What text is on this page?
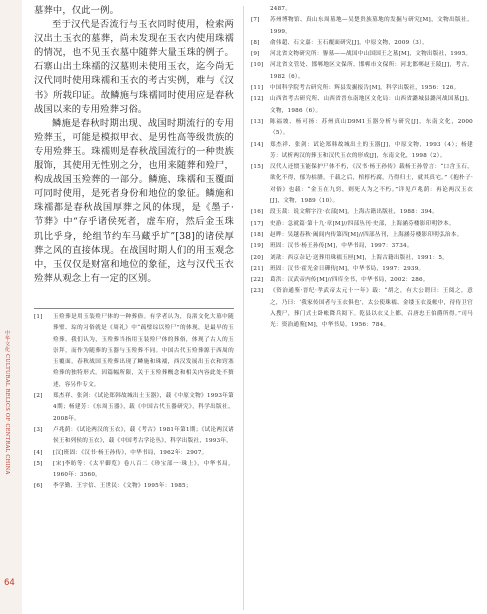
中华文化 CULTURAL RELICS OF CENTRAL CHINA
64

墓葬中，仅此一例。

至于汉代是否流行与玉衣同时使用，检索两汉出土玉衣的墓葬，尚未发现在玉衣内使用珠襦的情况，也不见玉衣墓中随葬大量玉珠的例子。石寨山出土珠襦的汉墓则未使用玉衣，迄今尚无汉代同时使用珠襦和玉衣的考古实例，难与《汉书》所载印证。故鳞施与珠襦同时使用应是春秋战国以来的专用殓葬习俗。

鳞施是春秋时期出现、战国时期流行的专用殓葬玉，可能是模拟甲衣、是男性高等级贵族的专用殓葬玉。珠襦则是春秋战国流行的一种贵族服饰，其使用无性别之分，也用来随葬和殓尸，构成战国玉殓葬的一部分。鳞施、珠襦和玉覆面可同时使用，是死者身份和地位的象征。鳞施和珠襦都是春秋战国厚葬之风的体现，是《墨子·节葬》中“存乎诸侯死者，虚车府，然后金玉珠玑比乎身，纶组节约车马藏乎圹”[38]的诸侯厚葬之风的直接体现。在战国时期人们的用玉观念中，玉仅仅是财富和地位的象征，这与汉代玉衣殓葬从观念上有一定的区别。

[1] 玉殓葬是用玉装殓尸体的一种葬俗。有学者认为，良渚文化大墓中随葬璧、琮的习俗就是《周礼》中“疏璧琮以殓尸”的体现，是最早的玉殓葬。我们认为，玉殓葬当指用玉装殓尸体的葬俗，体现了古人的玉崇拜，而作为随葬的玉器与玉殓葬不同。中国古代玉殓葬源于西周的玉覆面，春秋战国玉殓葬出现了鳞施和珠襦，西汉发展出玉衣和窍塞殓葬的独特形式。因篇幅所限，关于玉殓葬概念和相关内容此处不赘述，容另作专文。
[2] 郑杰祥、张剑：《试论郑韩故城出土玉器》，载《中原文物》1993年第4期；杨建芳：《东周玉器》，载《中国古代玉器研究》，科学出版社，2008年。
[3] 卢兆荫：《试论两汉的玉衣》，载《考古》1981年第1期；《试论两汉诸侯王和列侯的玉衣》，载《中国考古学论丛》，科学出版社，1993年。
[4] [汉]班固：《汉书·杨王孙传》，中华书局，1962年：2907。
[5] [宋]李昉等：《太平御览》卷八百二《珍宝部一·珠上》，中华书局，1960年：3560。
[6] 李学勤、王宇信、王世民：《文物》1995年：1985；
2487。
[7] 苏州博物馆、真山东周墓地—吴楚贵族墓地的发掘与研究[M]，文物出版社，1999。
[8] 俞伟超、石文嘉：玉石覆面研究[J]，中原文物，2009（3）。
[9] 河北省文物研究所：譽墓——战国中山国国王之墓[M]，文物出版社，1995。
[10] 河北省文管处、邯郸地区文保所、邯郸市文保所：河北邯郸赵王陵[J]，考古，1982（6）。
[11] 中国科学院考古研究所：辉县发掘报告[M]，科学出版社，1956：126。
[12] 山西省考古研究所、山西省晋东南地区文化局：山西省潞城县潞河战国墓[J]，文物，1986（6）。
[13] 陈福坡、杨可扬：苏州真山D9M1玉器分析与研究[J]，东南文化，2000（5）。
[14] 郑杰祥、张剑：试论郑韩故城出土的玉器[J]，中原文物，1993（4）；杨建芳：试析两汉的葬玉和汉代玉衣的形成[J]，东南文化，1998（2）。
[15] 汉代人还惯玉能保护尸体不朽，《汉书·杨王孙传》载杨王孙曾言：“口含玉石，欲化不得，郁为枯腊，千载之后，棺椁朽腐，乃得归土，就其真宅。”《抱朴子·对俗》也载：“金玉在九窍，则死人为之不朽。”详见卢兆荫：再论两汉玉衣[J]，文物，1989（10）。
[16] 段玉裁：说文解字注·衣部[M]，上海古籍出版社，1988：394。
[17] 史游：急就篇·第十九·章[M]//四部丛刊·史部，上海涵芬楼影印明钞本。
[18] 赵晔：吴越春秋·阖闾内传第四[M]//四部丛刊，上海涵芬楼影印明弘治本。
[19] 班固：汉书·杨王孙传[M]，中华书局，1997：3734。
[20] 刘歆：西京杂记·送葬用珠襦玉匣[M]，上海古籍出版社，1991：5。
[21] 班固：汉书·霍光金日磾传[M]，中华书局，1997：2939。
[22] 葛洪：汉武帝内传[M]//四库全书，中华书局，2002：286。
[23] 《资治通鉴·晋纪·孝武帝太元十一年》载：“胡之，有大公谓曰：王阅之，意之，乃曰：‘我家传国者与玉衣俱也’，太公使珠襦、金缕玉衣及帐中，待侍卫官入搜尸，葬门式士卧帐降兵阅下。乾县以衣义上都，召唐忠王伯爵所得。”司马光：资治通鉴[M]，中华书局，1956：784。
